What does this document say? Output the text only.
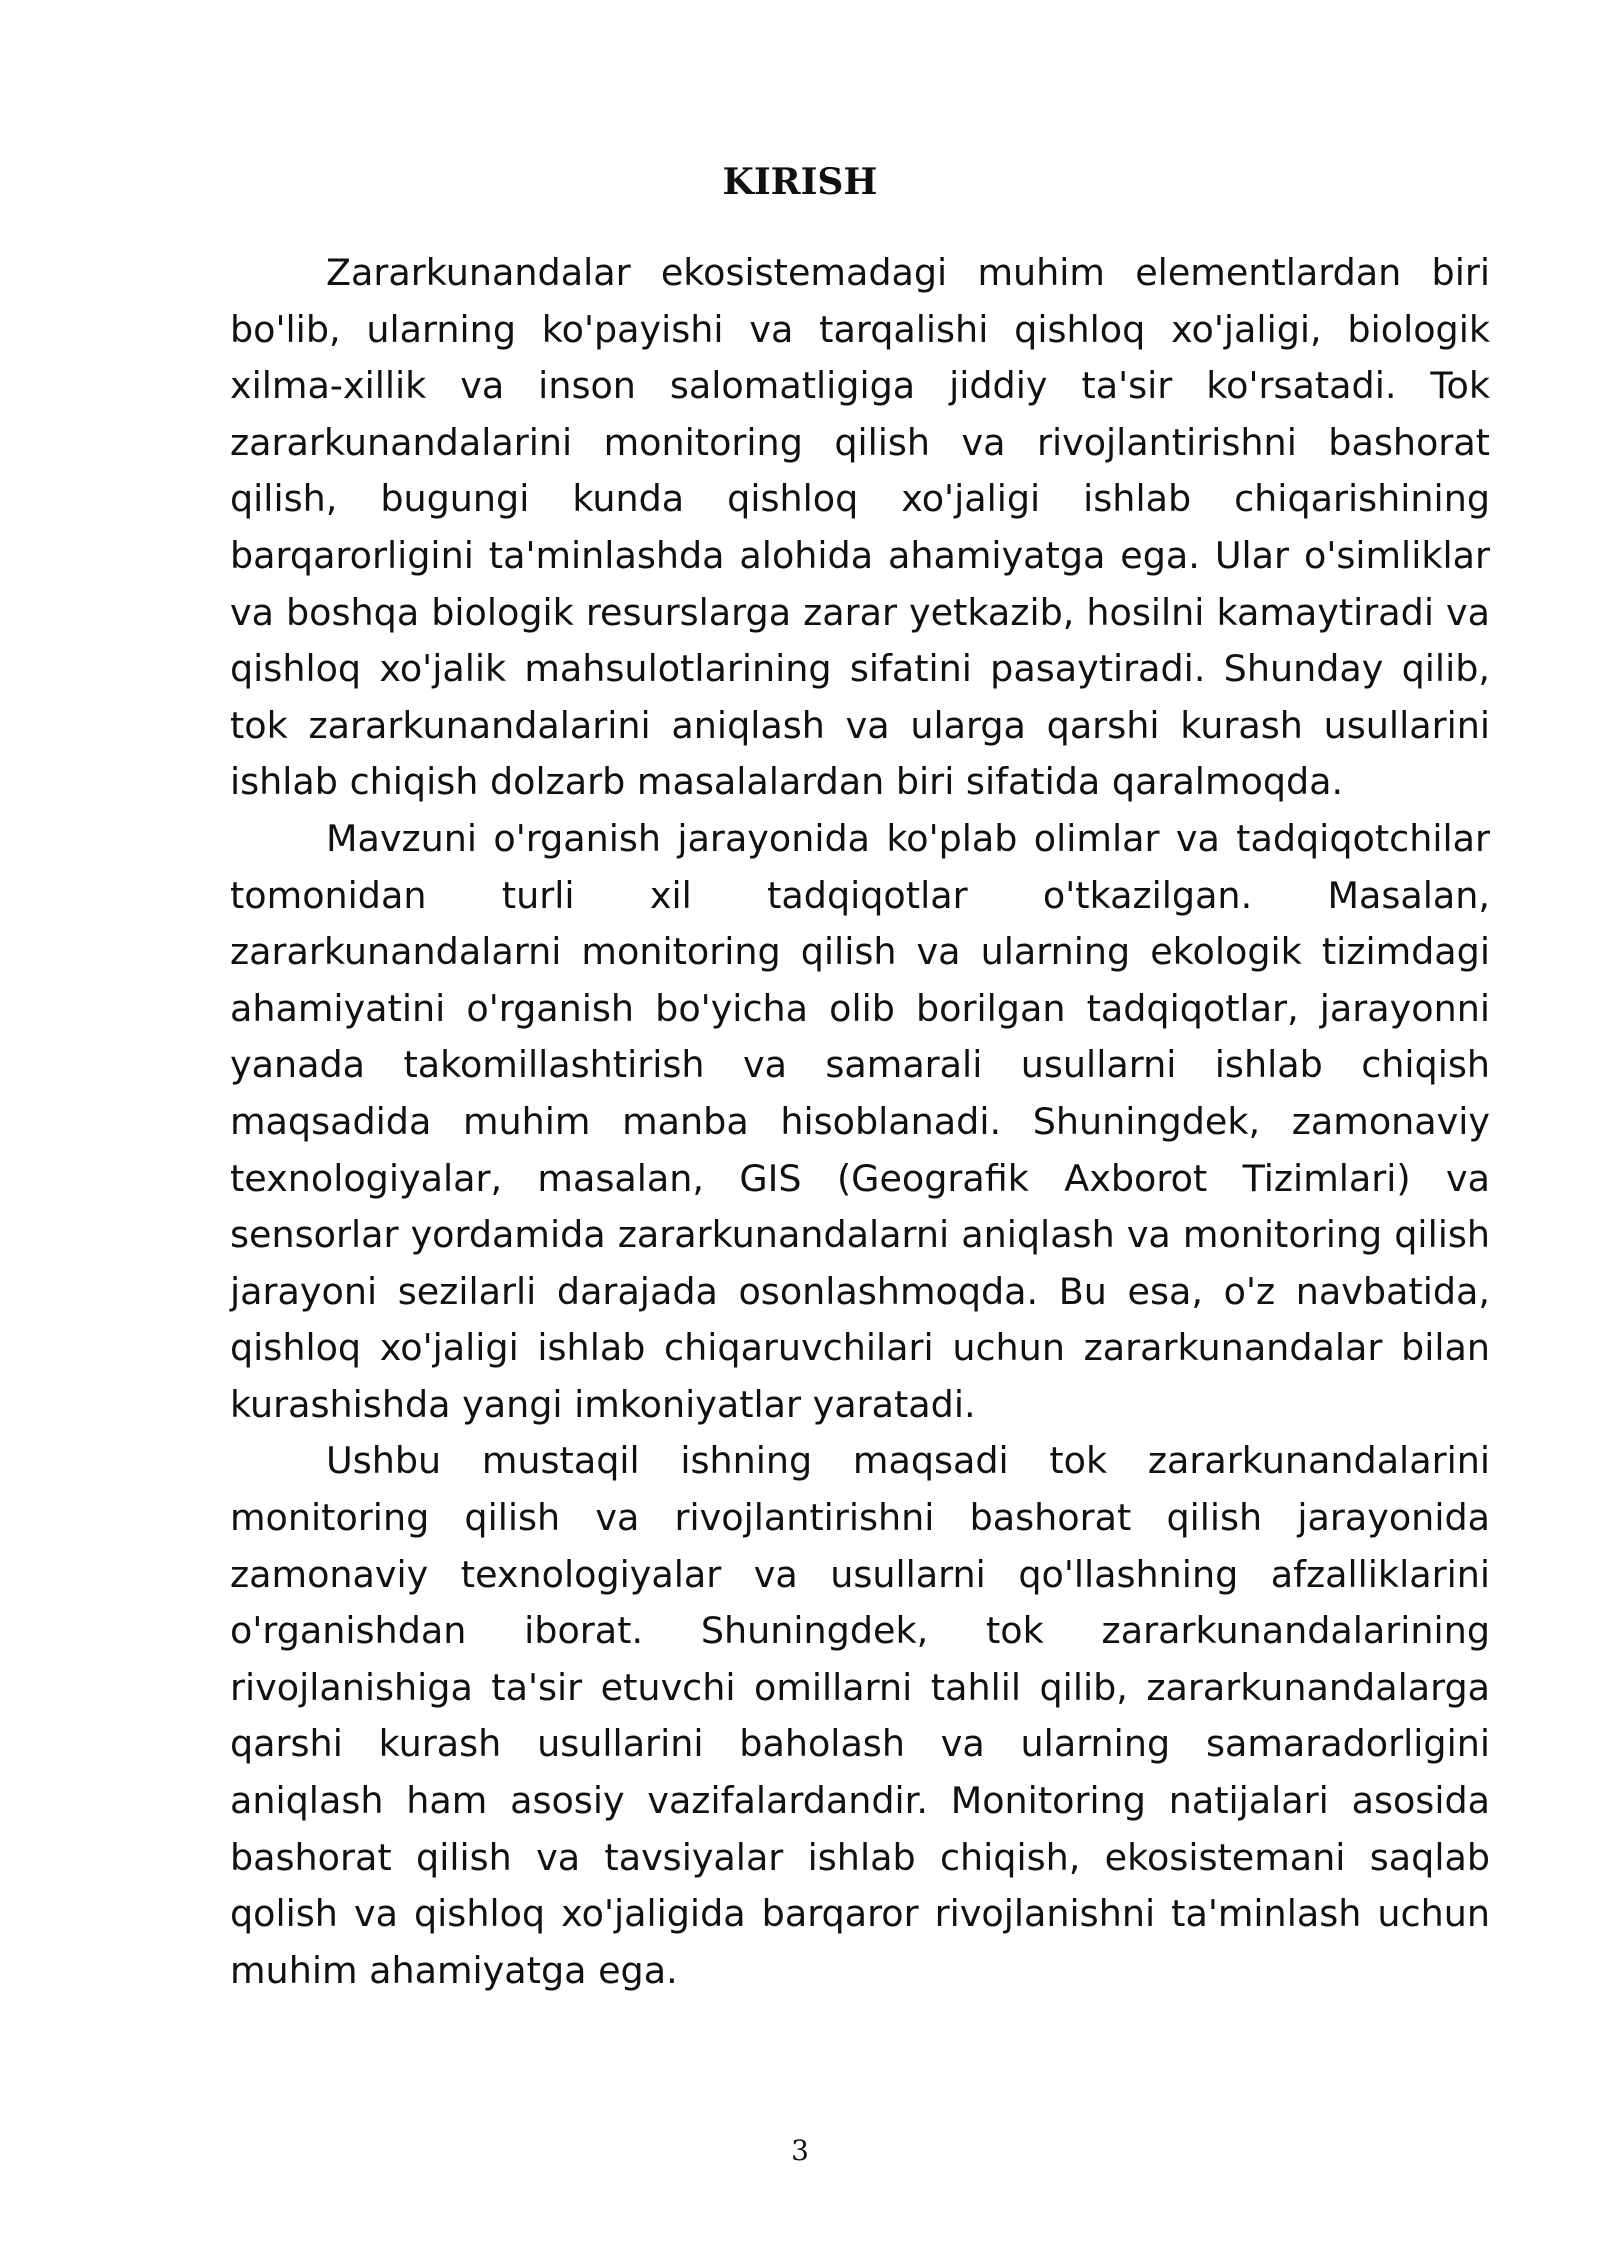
KIRISH

Zararkunandalar ekosistemadagi muhim elementlardan biri bo'lib, ularning ko'payishi va tarqalishi qishloq xo'jaligi, biologik xilma-xillik va inson salomatligiga jiddiy ta'sir ko'rsatadi. Tok zararkunandalarini monitoring qilish va rivojlantirishni bashorat qilish, bugungi kunda qishloq xo'jaligi ishlab chiqarishining barqarorligini ta'minlashda alohida ahamiyatga ega. Ular o'simliklar va boshqa biologik resurslarga zarar yetkazib, hosilni kamaytiradi va qishloq xo'jalik mahsulotlarining sifatini pasaytiradi. Shunday qilib, tok zararkunandalarini aniqlash va ularga qarshi kurash usullarini ishlab chiqish dolzarb masalalardan biri sifatida qaralmoqda.

Mavzuni o'rganish jarayonida ko'plab olimlar va tadqiqotchilar tomonidan turli xil tadqiqotlar o'tkazilgan. Masalan, zararkunandalarni monitoring qilish va ularning ekologik tizimdagi ahamiyatini o'rganish bo'yicha olib borilgan tadqiqotlar, jarayonni yanada takomillashtirish va samarali usullarni ishlab chiqish maqsadida muhim manba hisoblanadi. Shuningdek, zamonaviy texnologiyalar, masalan, GIS (Geografik Axborot Tizimlari) va sensorlar yordamida zararkunandalarni aniqlash va monitoring qilish jarayoni sezilarli darajada osonlashmoqda. Bu esa, o'z navbatida, qishloq xo'jaligi ishlab chiqaruvchilari uchun zararkunandalar bilan kurashishda yangi imkoniyatlar yaratadi.

Ushbu mustaqil ishning maqsadi tok zararkunandalarini monitoring qilish va rivojlantirishni bashorat qilish jarayonida zamonaviy texnologiyalar va usullarni qo'llashning afzalliklarini o'rganishdan iborat. Shuningdek, tok zararkunandalarining rivojlanishiga ta'sir etuvchi omillarni tahlil qilib, zararkunandalarga qarshi kurash usullarini baholash va ularning samaradorligini aniqlash ham asosiy vazifalardandir. Monitoring natijalari asosida bashorat qilish va tavsiyalar ishlab chiqish, ekosistemani saqlab qolish va qishloq xo'jaligida barqaror rivojlanishni ta'minlash uchun muhim ahamiyatga ega.

3
